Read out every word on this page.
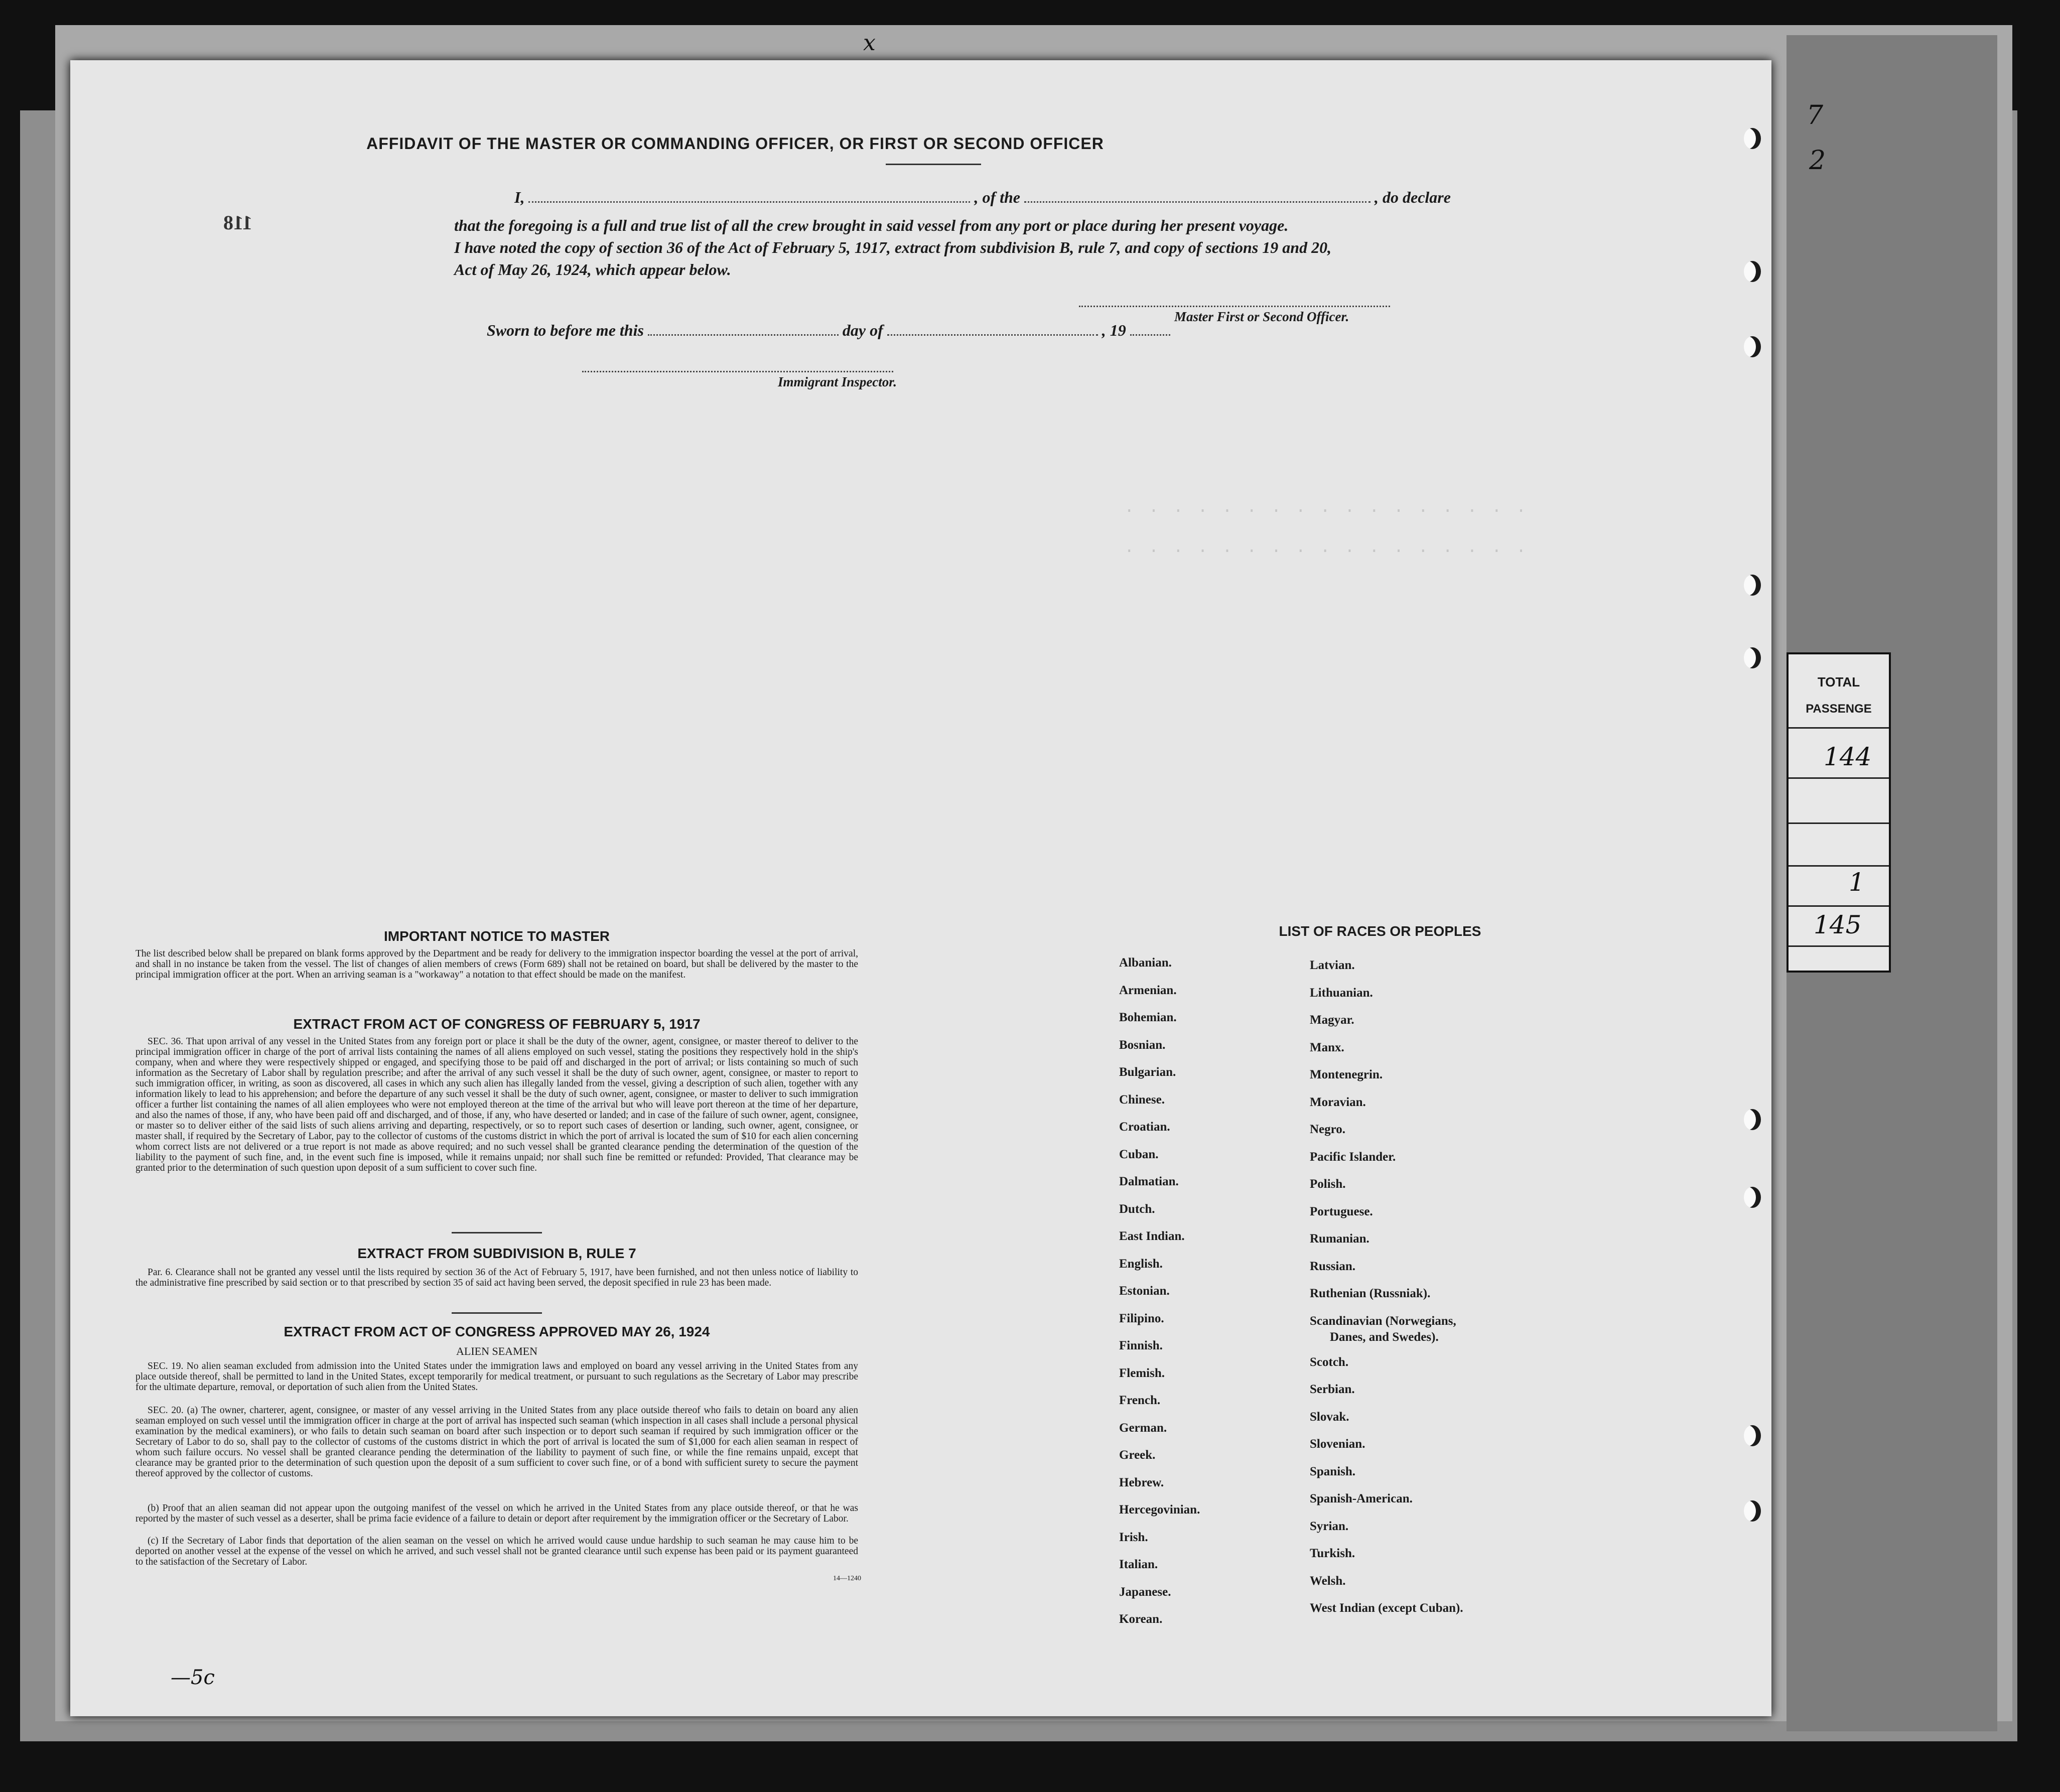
x
7
2
TOTAL
PASSENGE
144
1
145
· · · · · · · · · · · · · · · · ·
· · · · · · · · · · · · · · · · ·
AFFIDAVIT OF THE MASTER OR COMMANDING OFFICER, OR FIRST OR SECOND OFFICER
118
I,	, of the	, do declare
that the foregoing is a full and true list of all the crew brought in said vessel from any port or place during her present voyage.
I have noted the copy of section 36 of the Act of February 5, 1917, extract from subdivision B, rule 7, and copy of sections 19 and 20,
Act of May 26, 1924, which appear below.
Master First or Second Officer.
Sworn to before me this	day of	, 19
Immigrant Inspector.
IMPORTANT NOTICE TO MASTER
The list described below shall be prepared on blank forms approved by the Department and be ready for delivery to the immigration inspector boarding the vessel at the port of arrival, and shall in no instance be taken from the vessel. The list of changes of alien members of crews (Form 689) shall not be retained on board, but shall be delivered by the master to the principal immigration officer at the port. When an arriving seaman is a "workaway" a notation to that effect should be made on the manifest.
EXTRACT FROM ACT OF CONGRESS OF FEBRUARY 5, 1917
SEC. 36. That upon arrival of any vessel in the United States from any foreign port or place it shall be the duty of the owner, agent, consignee, or master thereof to deliver to the principal immigration officer in charge of the port of arrival lists containing the names of all aliens employed on such vessel, stating the positions they respectively hold in the ship's company, when and where they were respectively shipped or engaged, and specifying those to be paid off and discharged in the port of arrival; or lists containing so much of such information as the Secretary of Labor shall by regulation prescribe; and after the arrival of any such vessel it shall be the duty of such owner, agent, consignee, or master to report to such immigration officer, in writing, as soon as discovered, all cases in which any such alien has illegally landed from the vessel, giving a description of such alien, together with any information likely to lead to his apprehension; and before the departure of any such vessel it shall be the duty of such owner, agent, consignee, or master to deliver to such immigration officer a further list containing the names of all alien employees who were not employed thereon at the time of the arrival but who will leave port thereon at the time of her departure, and also the names of those, if any, who have been paid off and discharged, and of those, if any, who have deserted or landed; and in case of the failure of such owner, agent, consignee, or master so to deliver either of the said lists of such aliens arriving and departing, respectively, or so to report such cases of desertion or landing, such owner, agent, consignee, or master shall, if required by the Secretary of Labor, pay to the collector of customs of the customs district in which the port of arrival is located the sum of $10 for each alien concerning whom correct lists are not delivered or a true report is not made as above required; and no such vessel shall be granted clearance pending the determination of the question of the liability to the payment of such fine, and, in the event such fine is imposed, while it remains unpaid; nor shall such fine be remitted or refunded: Provided, That clearance may be granted prior to the determination of such question upon deposit of a sum sufficient to cover such fine.
EXTRACT FROM SUBDIVISION B, RULE 7
Par. 6. Clearance shall not be granted any vessel until the lists required by section 36 of the Act of February 5, 1917, have been furnished, and not then unless notice of liability to the administrative fine prescribed by said section or to that prescribed by section 35 of said act having been served, the deposit specified in rule 23 has been made.
EXTRACT FROM ACT OF CONGRESS APPROVED MAY 26, 1924
ALIEN SEAMEN
SEC. 19. No alien seaman excluded from admission into the United States under the immigration laws and employed on board any vessel arriving in the United States from any place outside thereof, shall be permitted to land in the United States, except temporarily for medical treatment, or pursuant to such regulations as the Secretary of Labor may prescribe for the ultimate departure, removal, or deportation of such alien from the United States.
SEC. 20. (a) The owner, charterer, agent, consignee, or master of any vessel arriving in the United States from any place outside thereof who fails to detain on board any alien seaman employed on such vessel until the immigration officer in charge at the port of arrival has inspected such seaman (which inspection in all cases shall include a personal physical examination by the medical examiners), or who fails to detain such seaman on board after such inspection or to deport such seaman if required by such immigration officer or the Secretary of Labor to do so, shall pay to the collector of customs of the customs district in which the port of arrival is located the sum of $1,000 for each alien seaman in respect of whom such failure occurs. No vessel shall be granted clearance pending the determination of the liability to payment of such fine, or while the fine remains unpaid, except that clearance may be granted prior to the determination of such question upon the deposit of a sum sufficient to cover such fine, or of a bond with sufficient surety to secure the payment thereof approved by the collector of customs.
(b) Proof that an alien seaman did not appear upon the outgoing manifest of the vessel on which he arrived in the United States from any place outside thereof, or that he was reported by the master of such vessel as a deserter, shall be prima facie evidence of a failure to detain or deport after requirement by the immigration officer or the Secretary of Labor.
(c) If the Secretary of Labor finds that deportation of the alien seaman on the vessel on which he arrived would cause undue hardship to such seaman he may cause him to be deported on another vessel at the expense of the vessel on which he arrived, and such vessel shall not be granted clearance until such expense has been paid or its payment guaranteed to the satisfaction of the Secretary of Labor.
14—1240
—5c
LIST OF RACES OR PEOPLES
Albanian.
Armenian.
Bohemian.
Bosnian.
Bulgarian.
Chinese.
Croatian.
Cuban.
Dalmatian.
Dutch.
East Indian.
English.
Estonian.
Filipino.
Finnish.
Flemish.
French.
German.
Greek.
Hebrew.
Hercegovinian.
Irish.
Italian.
Japanese.
Korean.
Latvian.
Lithuanian.
Magyar.
Manx.
Montenegrin.
Moravian.
Negro.
Pacific Islander.
Polish.
Portuguese.
Rumanian.
Russian.
Ruthenian (Russniak).
Scandinavian (Norwegians,
Danes, and Swedes).
Scotch.
Serbian.
Slovak.
Slovenian.
Spanish.
Spanish-American.
Syrian.
Turkish.
Welsh.
West Indian (except Cuban).
